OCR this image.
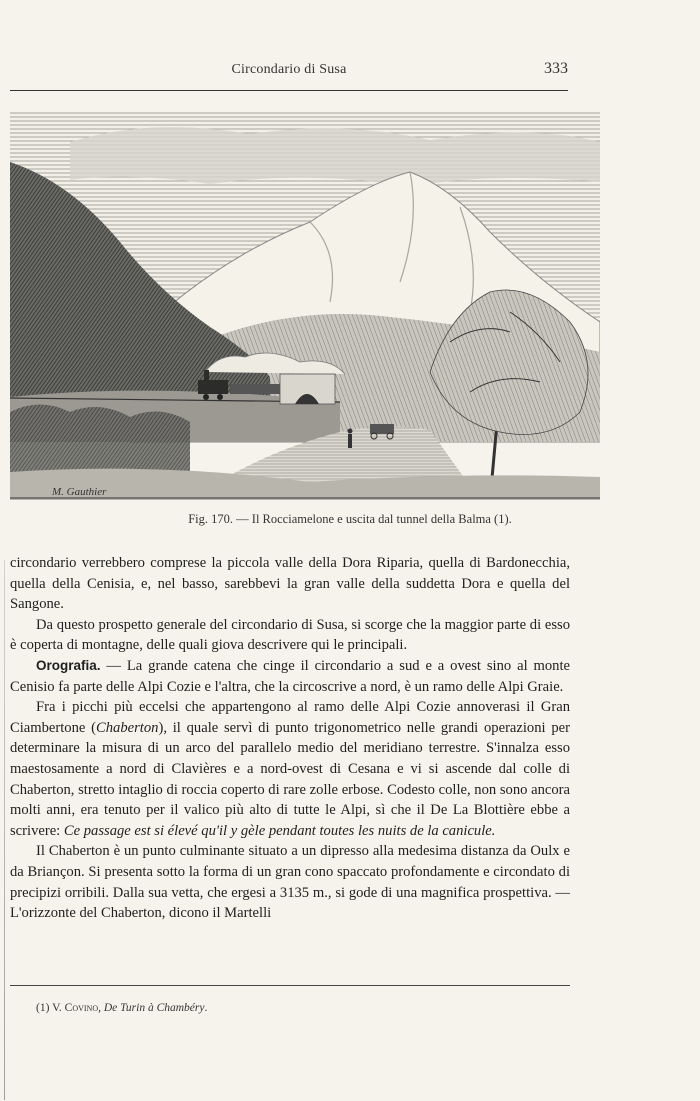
Circondario di Susa	333
M. Gauthier
Fig. 170. — Il Rocciamelone e uscita dal tunnel della Balma (1).

circondario verrebbero comprese la piccola valle della Dora Riparia, quella di Bardonecchia, quella della Cenisia, e, nel basso, sarebbevi la gran valle della suddetta Dora e quella del Sangone.

Da questo prospetto generale del circondario di Susa, si scorge che la maggior parte di esso è coperta di montagne, delle quali giova descrivere qui le principali.

Orografia. — La grande catena che cinge il circondario a sud e a ovest sino al monte Cenisio fa parte delle Alpi Cozie e l'altra, che la circoscrive a nord, è un ramo delle Alpi Graie.

Fra i picchi più eccelsi che appartengono al ramo delle Alpi Cozie annoverasi il Gran Ciambertone (Chaberton), il quale servì di punto trigonometrico nelle grandi operazioni per determinare la misura di un arco del parallelo medio del meridiano terrestre. S'innalza esso maestosamente a nord di Clavières e a nord-ovest di Cesana e vi si ascende dal colle di Chaberton, stretto intaglio di roccia coperto di rare zolle erbose. Codesto colle, non sono ancora molti anni, era tenuto per il valico più alto di tutte le Alpi, sì che il De La Blottière ebbe a scrivere: Ce passage est si élevé qu'il y gèle pendant toutes les nuits de la canicule.

Il Chaberton è un punto culminante situato a un dipresso alla medesima distanza da Oulx e da Briançon. Si presenta sotto la forma di un gran cono spaccato profondamente e circondato di precipizi orribili. Dalla sua vetta, che ergesi a 3135 m., si gode di una magnifica prospettiva. — L'orizzonte del Chaberton, dicono il Martelli

(1) V. Covino, De Turin à Chambéry.
